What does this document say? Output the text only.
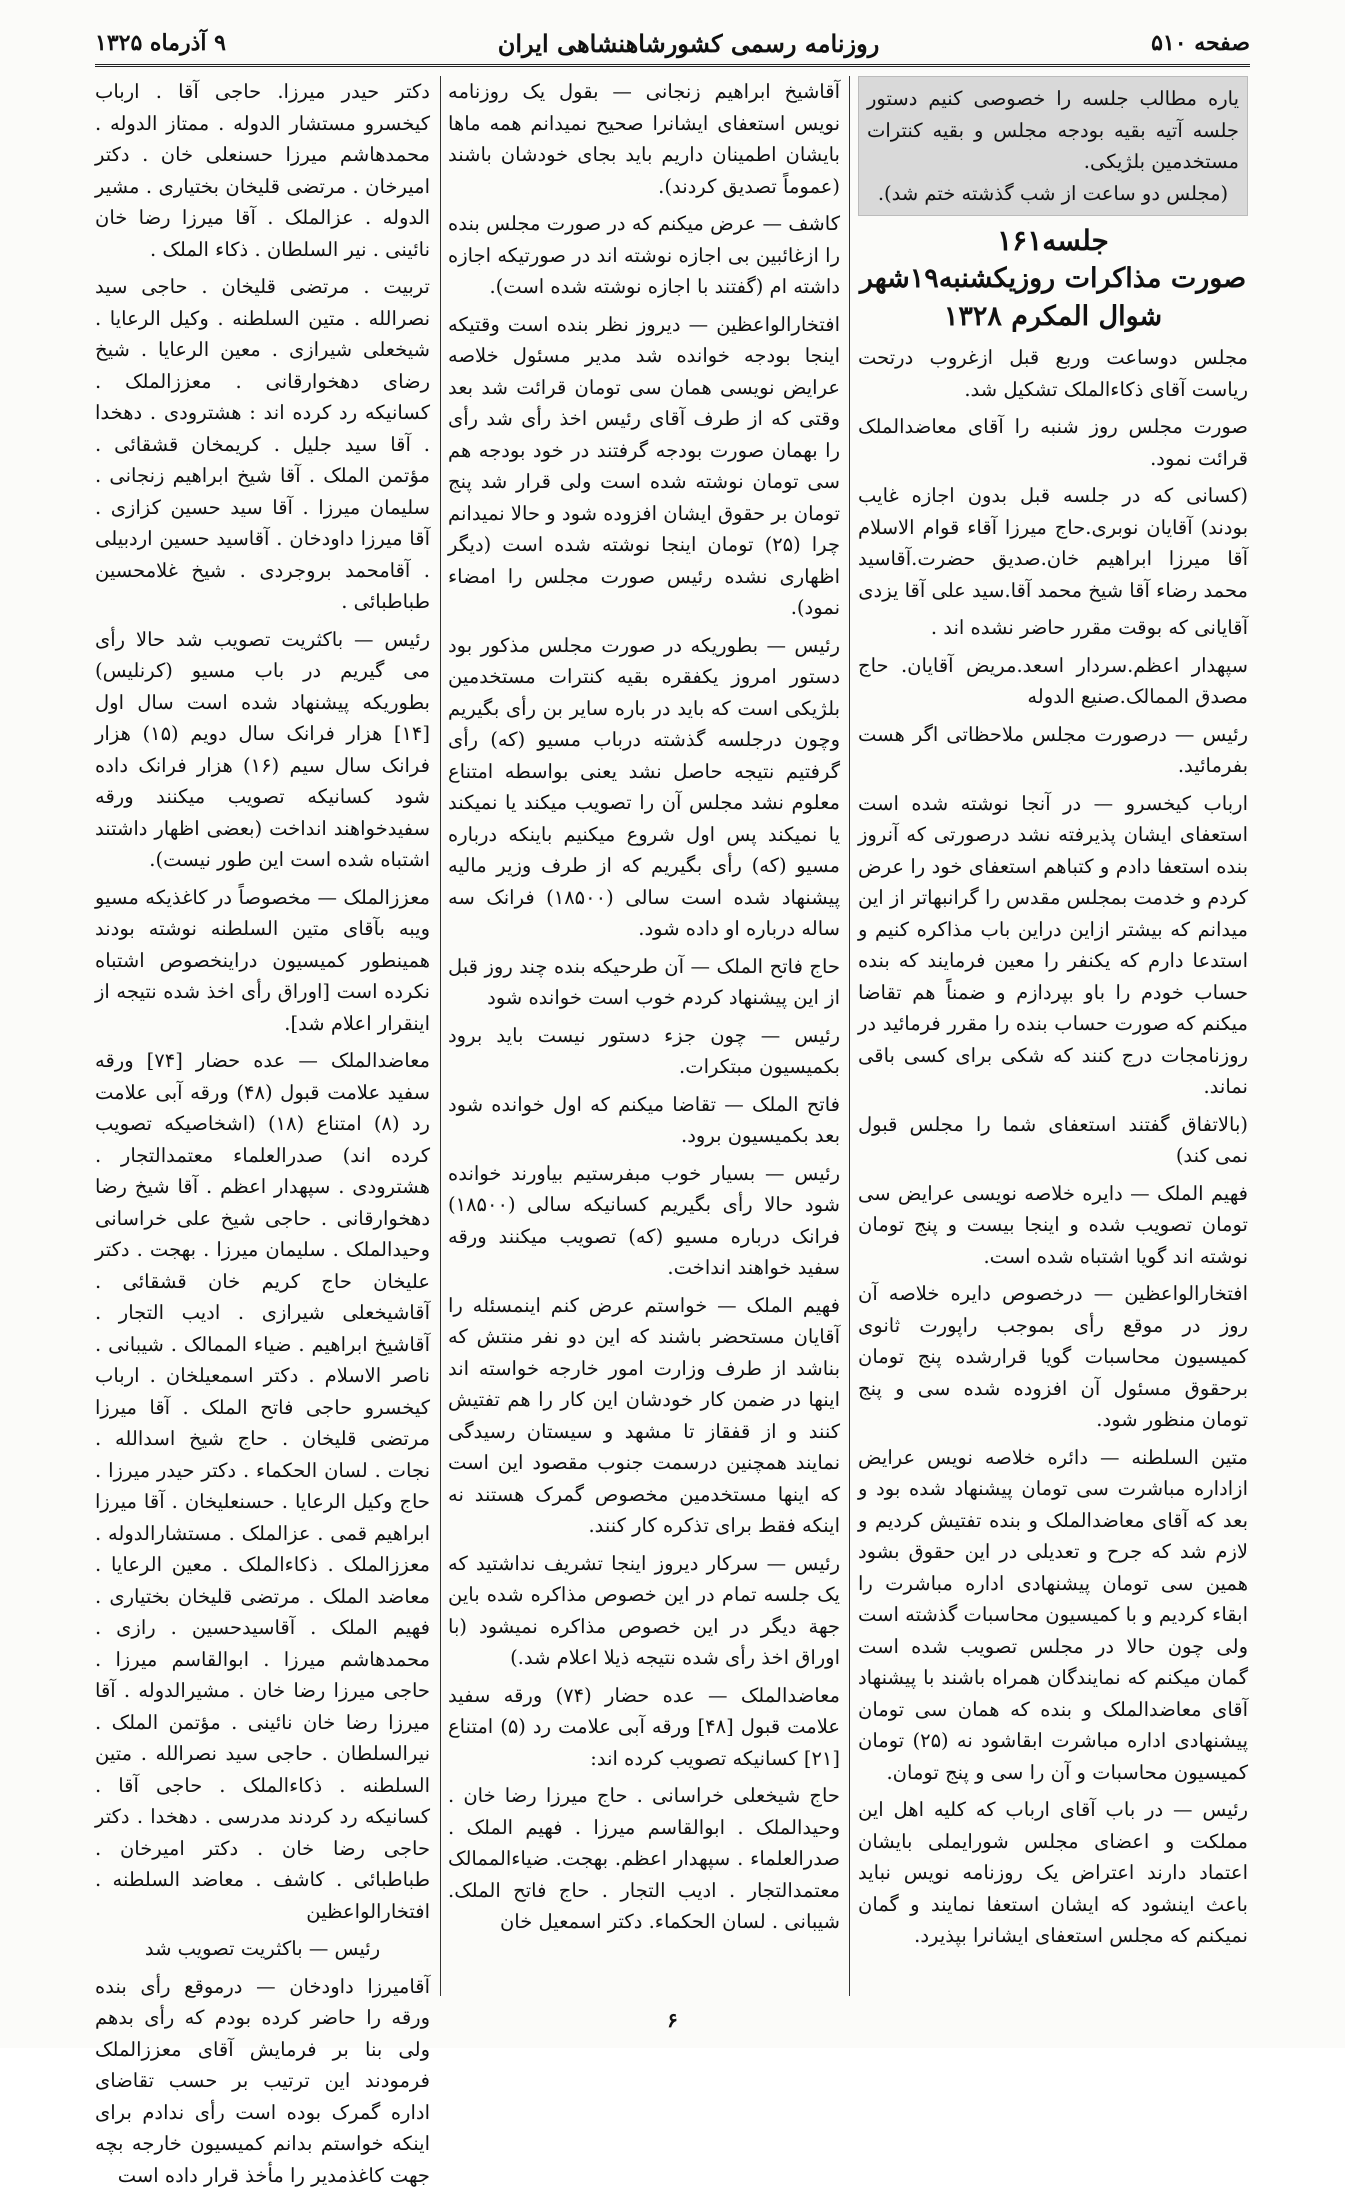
صفحه ۵۱۰
روزنامه رسمی کشورشاهنشاهی ایران
۹ آذرماه ۱۳۲۵

یاره مطالب جلسه را خصوصی کنیم دستور جلسه آتیه بقیه بودجه مجلس و بقیه کنترات مستخدمین بلژیکی.

(مجلس دو ساعت از شب گذشته ختم شد).

جلسه۱۶۱
صورت مذاکرات روزیکشنبه۱۹شهر شوال المکرم ۱۳۲۸

مجلس دوساعت وربع قبل ازغروب درتحت ریاست آقای ذکاءالملک تشکیل شد.

صورت مجلس روز شنبه را آقای معاضدالملک قرائت نمود.

(کسانی که در جلسه قبل بدون اجازه غایب بودند) آقایان نوبری.حاج میرزا آقاء قوام الاسلام آقا میرزا ابراهیم خان.صدیق حضرت.آقاسید محمد رضاء آقا شیخ محمد آقا.سید علی آقا یزدی

آقایانی که بوقت مقرر حاضر نشده اند .

سپهدار اعظم.سردار اسعد.مریض آقایان. حاج مصدق الممالک.صنیع الدوله

رئیس — درصورت مجلس ملاحظاتی اگر هست بفرمائید.

ارباب کیخسرو — در آنجا نوشته شده است استعفای ایشان پذیرفته نشد درصورتی که آنروز بنده استعفا دادم و کتباهم استعفای خود را عرض کردم و خدمت بمجلس مقدس را گرانبهاتر از این میدانم که بیشتر ازاین دراین باب مذاکره کنیم و استدعا دارم که یکنفر را معین فرمایند که بنده حساب خودم را باو بپردازم و ضمناً هم تقاضا میکنم که صورت حساب بنده را مقرر فرمائید در روزنامجات درج کنند که شکی برای کسی باقی نماند.

(بالاتفاق گفتند استعفای شما را مجلس قبول نمی کند)

فهیم الملک — دایره خلاصه نویسی عرایض سی تومان تصویب شده و اینجا بیست و پنج تومان نوشته اند گویا اشتباه شده است.

افتخارالواعظین — درخصوص دایره خلاصه آن روز در موقع رأی بموجب راپورت ثانوی کمیسیون محاسبات گویا قرارشده پنج تومان برحقوق مسئول آن افزوده شده سی و پنج تومان منظور شود.

متین السلطنه — دائره خلاصه نویس عرایض ازاداره مباشرت سی تومان پیشنهاد شده بود و بعد که آقای معاضدالملک و بنده تفتیش کردیم و لازم شد که جرح و تعدیلی در این حقوق بشود همین سی تومان پیشنهادی اداره مباشرت را ابقاء کردیم و با کمیسیون محاسبات گذشته است ولی چون حالا در مجلس تصویب شده است گمان میکنم که نمایندگان همراه باشند با پیشنهاد آقای معاضدالملک و بنده که همان سی تومان پیشنهادی اداره مباشرت ابقاشود نه (۲۵) تومان کمیسیون محاسبات و آن را سی و پنج تومان.

رئیس — در باب آقای ارباب که کلیه اهل این مملکت و اعضای مجلس شورایملی بایشان اعتماد دارند اعتراض یک روزنامه نویس نباید باعث اینشود که ایشان استعفا نمایند و گمان نمیکنم که مجلس استعفای ایشانرا بپذیرد.

آقاشیخ ابراهیم زنجانی — بقول یک روزنامه نویس استعفای ایشانرا صحیح نمیدانم همه ماها بایشان اطمینان داریم باید بجای خودشان باشند (عموماً تصدیق کردند).

کاشف — عرض میکنم که در صورت مجلس بنده را ازغائبین بی اجازه نوشته اند در صورتیکه اجازه داشته ام (گفتند با اجازه نوشته شده است).

افتخارالواعظین — دیروز نظر بنده است وقتیکه اینجا بودجه خوانده شد مدیر مسئول خلاصه عرایض نویسی همان سی تومان قرائت شد بعد وقتی که از طرف آقای رئیس اخذ رأی شد رأی را بهمان صورت بودجه گرفتند در خود بودجه هم سی تومان نوشته شده است ولی قرار شد پنج تومان بر حقوق ایشان افزوده شود و حالا نمیدانم چرا (۲۵) تومان اینجا نوشته شده است (دیگر اظهاری نشده رئیس صورت مجلس را امضاء نمود).

رئیس — بطوریکه در صورت مجلس مذکور بود دستور امروز یکفقره بقیه کنترات مستخدمین بلژیکی است که باید در باره سایر بن رأی بگیریم وچون درجلسه گذشته درباب مسیو (که) رأی گرفتیم نتیجه حاصل نشد یعنی بواسطه امتناع معلوم نشد مجلس آن را تصویب میکند یا نمیکند یا نمیکند پس اول شروع میکنیم باینکه درباره مسیو (که) رأی بگیریم که از طرف وزیر مالیه پیشنهاد شده است سالی (۱۸۵۰۰) فرانک سه ساله درباره او داده شود.

حاج فاتح الملک — آن طرحیکه بنده چند روز قبل از این پیشنهاد کردم خوب است خوانده شود

رئیس — چون جزء دستور نیست باید برود بکمیسیون مبتکرات.

فاتح الملک — تقاضا میکنم که اول خوانده شود بعد بکمیسیون برود.

رئیس — بسیار خوب مبفرستیم بیاورند خوانده شود حالا رأی بگیریم کسانیکه سالی (۱۸۵۰۰) فرانک درباره مسیو (که) تصویب میکنند ورقه سفید خواهند انداخت.

فهیم الملک — خواستم عرض کنم اینمسئله را آقایان مستحضر باشند که این دو نفر منتش که بناشد از طرف وزارت امور خارجه خواسته اند اینها در ضمن کار خودشان این کار را هم تفتیش کنند و از قفقاز تا مشهد و سیستان رسیدگی نمایند همچنین درسمت جنوب مقصود این است که اینها مستخدمین مخصوص گمرک هستند نه اینکه فقط برای تذکره کار کنند.

رئیس — سرکار دیروز اینجا تشریف نداشتید که یک جلسه تمام در این خصوص مذاکره شده باین جهة دیگر در این خصوص مذاکره نمیشود (با اوراق اخذ رأی شده نتیجه ذیلا اعلام شد.)

معاضدالملک — عده حضار (۷۴) ورقه سفید علامت قبول [۴۸] ورقه آبی علامت رد (۵) امتناع [۲۱] کسانیکه تصویب کرده اند:

حاج شیخعلی خراسانی . حاج میرزا رضا خان . وحیدالملک . ابوالقاسم میرزا . فهیم الملک . صدرالعلماء . سپهدار اعظم. بهجت. ضیاءالممالک معتمدالتجار . ادیب التجار . حاج فاتح الملک. شیبانی . لسان الحکماء. دکتر اسمعیل خان

دکتر حیدر میرزا. حاجی آقا . ارباب کیخسرو مستشار الدوله . ممتاز الدوله . محمدهاشم میرزا حسنعلی خان . دکتر امیرخان . مرتضی قلیخان بختیاری . مشیر الدوله . عزالملک . آقا میرزا رضا خان نائینی . نیر السلطان . ذکاء الملک .

تربیت . مرتضی قلیخان . حاجی سید نصرالله . متین السلطنه . وکیل الرعایا . شیخعلی شیرازی . معین الرعایا . شیخ رضای دهخوارقانی . معززالملک . کسانیکه رد کرده اند : هشترودی . دهخدا . آقا سید جلیل . کریمخان قشقائی . مؤتمن الملک . آقا شیخ ابراهیم زنجانی . سلیمان میرزا . آقا سید حسین کزازی . آقا میرزا داودخان . آقاسید حسین اردبیلی . آقامحمد بروجردی . شیخ غلامحسین طباطبائی .

رئیس — باکثریت تصویب شد حالا رأی می گیریم در باب مسیو (کرنلیس) بطوریکه پیشنهاد شده است سال اول [۱۴] هزار فرانک سال دویم (۱۵) هزار فرانک سال سیم (۱۶) هزار فرانک داده شود کسانیکه تصویب میکنند ورقه سفیدخواهند انداخت (بعضی اظهار داشتند اشتباه شده است این طور نیست).

معززالملک — مخصوصاً در کاغذیکه مسیو ویبه بآقای متین السلطنه نوشته بودند همینطور کمیسیون دراینخصوص اشتباه نکرده است [اوراق رأی اخذ شده نتیجه از اینقرار اعلام شد].

معاضدالملک — عده حضار [۷۴] ورقه سفید علامت قبول (۴۸) ورقه آبی علامت رد (۸) امتناع (۱۸) (اشخاصیکه تصویب کرده اند) صدرالعلماء معتمدالتجار . هشترودی . سپهدار اعظم . آقا شیخ رضا دهخوارقانی . حاجی شیخ علی خراسانی وحیدالملک . سلیمان میرزا . بهجت . دکتر علیخان حاج کریم خان قشقائی . آقاشیخعلی شیرازی . ادیب التجار . آقاشیخ ابراهیم . ضیاء الممالک . شیبانی . ناصر الاسلام . دکتر اسمعیلخان . ارباب کیخسرو حاجی فاتح الملک . آقا میرزا مرتضی قلیخان . حاج شیخ اسدالله . نجات . لسان الحکماء . دکتر حیدر میرزا . حاج وکیل الرعایا . حسنعلیخان . آقا میرزا ابراهیم قمی . عزالملک . مستشارالدوله . معززالملک . ذکاءالملک . معین الرعایا . معاضد الملک . مرتضی قلیخان بختیاری . فهیم الملک . آقاسیدحسین . رازی . محمدهاشم میرزا . ابوالقاسم میرزا . حاجی میرزا رضا خان . مشیرالدوله . آقا میرزا رضا خان نائینی . مؤتمن الملک . نیرالسلطان . حاجی سید نصرالله . متین السلطنه . ذکاءالملک . حاجی آقا . کسانیکه رد کردند مدرسی . دهخدا . دکتر حاجی رضا خان . دکتر امیرخان . طباطبائی . کاشف . معاضد السلطنه . افتخارالواعظین

رئیس — باکثریت تصویب شد

آقامیرزا داودخان — درموقع رأی بنده ورقه را حاضر کرده بودم که رأی بدهم ولی بنا بر فرمایش آقای معززالملک فرمودند این ترتیب بر حسب تقاضای اداره گمرک بوده است رأی ندادم برای اینکه خواستم بدانم کمیسیون خارجه بچه جهت کاغذمدیر را مأخذ قرار داده است

۶
